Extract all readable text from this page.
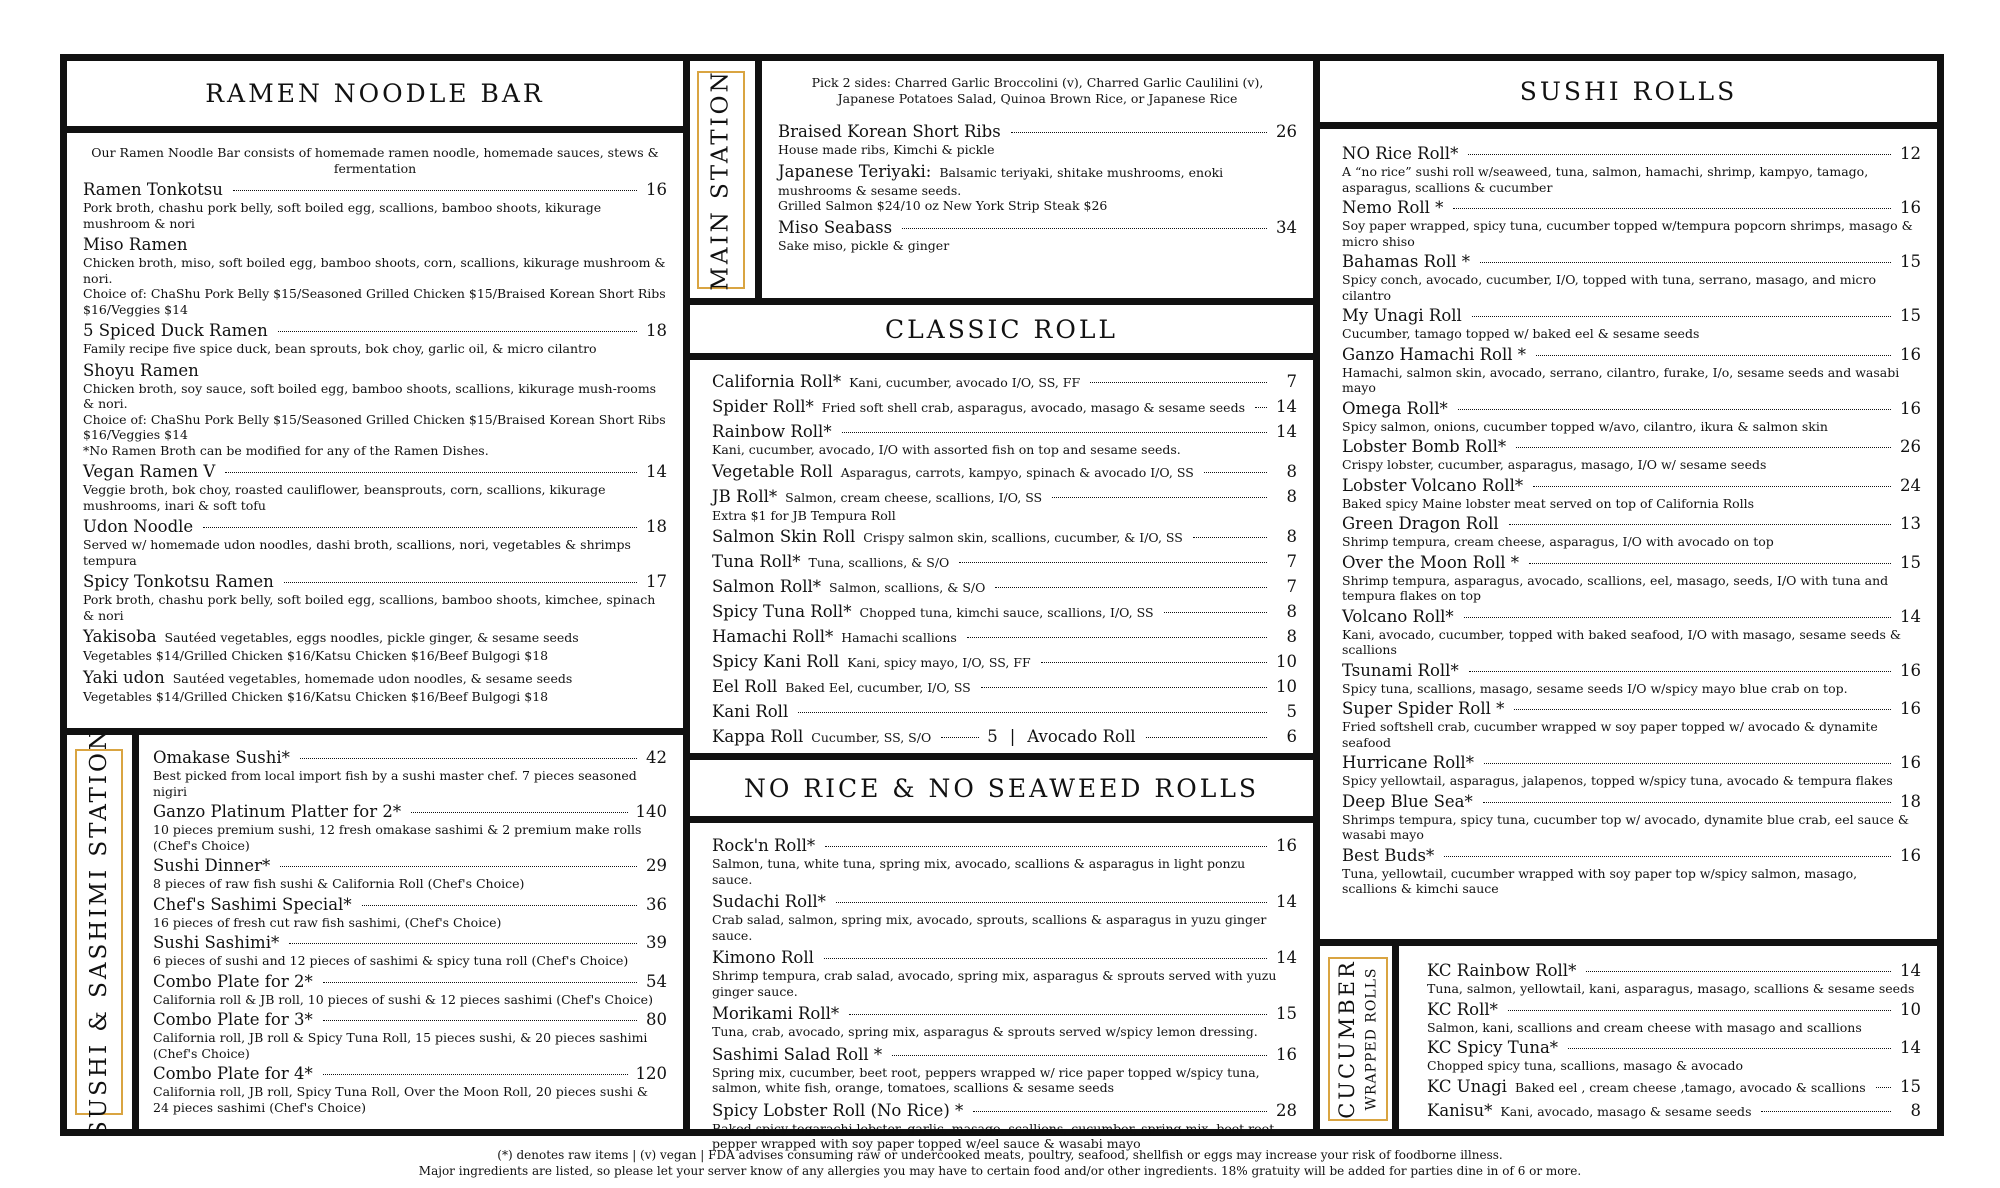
RAMEN NOODLE BAR
Our Ramen Noodle Bar consists of homemade ramen noodle, homemade sauces, stews & fermentation
Ramen Tonkotsu	16
Pork broth, chashu pork belly, soft boiled egg, scallions, bamboo shoots, kikurage mushroom & nori
Miso Ramen
Chicken broth, miso, soft boiled egg, bamboo shoots, corn, scallions, kikurage mushroom & nori.
Choice of: ChaShu Pork Belly $15/Seasoned Grilled Chicken $15/Braised Korean Short Ribs $16/Veggies $14
5 Spiced Duck Ramen	18
Family recipe five spice duck, bean sprouts, bok choy, garlic oil, & micro cilantro
Shoyu Ramen
Chicken broth, soy sauce, soft boiled egg, bamboo shoots, scallions, kikurage mush-rooms & nori.
Choice of: ChaShu Pork Belly $15/Seasoned Grilled Chicken $15/Braised Korean Short Ribs $16/Veggies $14
*No Ramen Broth can be modified for any of the Ramen Dishes.
Vegan Ramen V	14
Veggie broth, bok choy, roasted cauliflower, beansprouts, corn, scallions, kikurage mushrooms, inari & soft tofu
Udon Noodle	18
Served w/ homemade udon noodles, dashi broth, scallions, nori, vegetables & shrimps tempura
Spicy Tonkotsu Ramen	17
Pork broth, chashu pork belly, soft boiled egg, scallions, bamboo shoots, kimchee, spinach & nori
Yakisoba Sautéed vegetables, eggs noodles, pickle ginger, & sesame seeds
Vegetables $14/Grilled Chicken $16/Katsu Chicken $16/Beef Bulgogi $18
Yaki udon Sautéed vegetables, homemade udon noodles, & sesame seeds
Vegetables $14/Grilled Chicken $16/Katsu Chicken $16/Beef Bulgogi $18
SUSHI & SASHIMI STATION Omakase Sushi*	42
Best picked from local import fish by a sushi master chef. 7 pieces seasoned nigiri
Ganzo Platinum Platter for 2*	140
10 pieces premium sushi, 12 fresh omakase sashimi & 2 premium make rolls (Chef's Choice)
Sushi Dinner*	29
8 pieces of raw fish sushi & California Roll (Chef's Choice)
Chef's Sashimi Special*	36
16 pieces of fresh cut raw fish sashimi, (Chef's Choice)
Sushi Sashimi*	39
6 pieces of sushi and 12 pieces of sashimi & spicy tuna roll (Chef's Choice)
Combo Plate for 2*	54
California roll & JB roll, 10 pieces of sushi & 12 pieces sashimi (Chef's Choice)
Combo Plate for 3*	80
California roll, JB roll & Spicy Tuna Roll, 15 pieces sushi, & 20 pieces sashimi (Chef's Choice)
Combo Plate for 4*	120
California roll, JB roll, Spicy Tuna Roll, Over the Moon Roll, 20 pieces sushi & 24 pieces sashimi (Chef's Choice)
MAIN STATION	Pick 2 sides: Charred Garlic Broccolini (v), Charred Garlic Caulilini (v), Japanese Potatoes Salad, Quinoa Brown Rice, or Japanese Rice
Braised Korean Short Ribs	26
House made ribs, Kimchi & pickle
Japanese Teriyaki: Balsamic teriyaki, shitake mushrooms, enoki
mushrooms & sesame seeds.
Grilled Salmon $24/10 oz New York Strip Steak $26
Miso Seabass	34
Sake miso, pickle & ginger
CLASSIC ROLL
California Roll* Kani, cucumber, avocado I/O, SS, FF	7
Spider Roll* Fried soft shell crab, asparagus, avocado, masago & sesame seeds 14
Rainbow Roll*	14
Kani, cucumber, avocado, I/O with assorted fish on top and sesame seeds.
Vegetable Roll Asparagus, carrots, kampyo, spinach & avocado I/O, SS	8
JB Roll* Salmon, cream cheese, scallions, I/O, SS	8
Extra $1 for JB Tempura Roll
Salmon Skin Roll Crispy salmon skin, scallions, cucumber, & I/O, SS	8
Tuna Roll* Tuna, scallions, & S/O	7
Salmon Roll* Salmon, scallions, & S/O	7
Spicy Tuna Roll* Chopped tuna, kimchi sauce, scallions, I/O, SS	8
Hamachi Roll* Hamachi scallions	8
Spicy Kani Roll Kani, spicy mayo, I/O, SS, FF	10
Eel Roll Baked Eel, cucumber, I/O, SS	10
Kani Roll	5
Kappa Roll Cucumber, SS, S/O	5 | Avocado Roll	6
NO RICE & NO SEAWEED ROLLS
Rock'n Roll*	16
Salmon, tuna, white tuna, spring mix, avocado, scallions & asparagus in light ponzu sauce.
Sudachi Roll*	14
Crab salad, salmon, spring mix, avocado, sprouts, scallions & asparagus in yuzu ginger sauce.
Kimono Roll	14
Shrimp tempura, crab salad, avocado, spring mix, asparagus & sprouts served with yuzu ginger sauce.
Morikami Roll*	15
Tuna, crab, avocado, spring mix, asparagus & sprouts served w/spicy lemon dressing.
Sashimi Salad Roll *	16
Spring mix, cucumber, beet root, peppers wrapped w/ rice paper topped w/spicy tuna, salmon, white fish, orange, tomatoes, scallions & sesame seeds
Spicy Lobster Roll (No Rice) *	28
Baked spicy togarachi lobster, garlic, masago, scallions, cucumber, spring mix, beet root pepper wrapped with soy paper topped w/eel sauce & wasabi mayo
SUSHI ROLLS
NO Rice Roll*	12
A “no rice” sushi roll w/seaweed, tuna, salmon, hamachi, shrimp, kampyo, tamago, asparagus, scallions & cucumber
Nemo Roll *	16
Soy paper wrapped, spicy tuna, cucumber topped w/tempura popcorn shrimps, masago & micro shiso
Bahamas Roll *	15
Spicy conch, avocado, cucumber, I/O, topped with tuna, serrano, masago, and micro cilantro
My Unagi Roll	15
Cucumber, tamago topped w/ baked eel & sesame seeds
Ganzo Hamachi Roll *	16
Hamachi, salmon skin, avocado, serrano, cilantro, furake, I/o, sesame seeds and wasabi mayo
Omega Roll*	16
Spicy salmon, onions, cucumber topped w/avo, cilantro, ikura & salmon skin
Lobster Bomb Roll*	26
Crispy lobster, cucumber, asparagus, masago, I/O w/ sesame seeds
Lobster Volcano Roll*	24
Baked spicy Maine lobster meat served on top of California Rolls
Green Dragon Roll	13
Shrimp tempura, cream cheese, asparagus, I/O with avocado on top
Over the Moon Roll *	15
Shrimp tempura, asparagus, avocado, scallions, eel, masago, seeds, I/O with tuna and tempura flakes on top
Volcano Roll*	14
Kani, avocado, cucumber, topped with baked seafood, I/O with masago, sesame seeds & scallions
Tsunami Roll*	16
Spicy tuna, scallions, masago, sesame seeds I/O w/spicy mayo blue crab on top.
Super Spider Roll *	16
Fried softshell crab, cucumber wrapped w soy paper topped w/ avocado & dynamite seafood
Hurricane Roll*	16
Spicy yellowtail, asparagus, jalapenos, topped w/spicy tuna, avocado & tempura flakes
Deep Blue Sea*	18
Shrimps tempura, spicy tuna, cucumber top w/ avocado, dynamite blue crab, eel sauce & wasabi mayo
Best Buds*	16
Tuna, yellowtail, cucumber wrapped with soy paper top w/spicy salmon, masago, scallions & kimchi sauce
CUCUMBER WRAPPED ROLLS	KC Rainbow Roll*	14
Tuna, salmon, yellowtail, kani, asparagus, masago, scallions & sesame seeds
KC Roll*	10
Salmon, kani, scallions and cream cheese with masago and scallions
KC Spicy Tuna*	14
Chopped spicy tuna, scallions, masago & avocado
KC Unagi Baked eel , cream cheese ,tamago, avocado & scallions 15
Kanisu* Kani, avocado, masago & sesame seeds	8
(*) denotes raw items | (v) vegan | FDA advises consuming raw or undercooked meats, poultry, seafood, shellfish or eggs may increase your risk of foodborne illness.
Major ingredients are listed, so please let your server know of any allergies you may have to certain food and/or other ingredients. 18% gratuity will be added for parties dine in of 6 or more.
